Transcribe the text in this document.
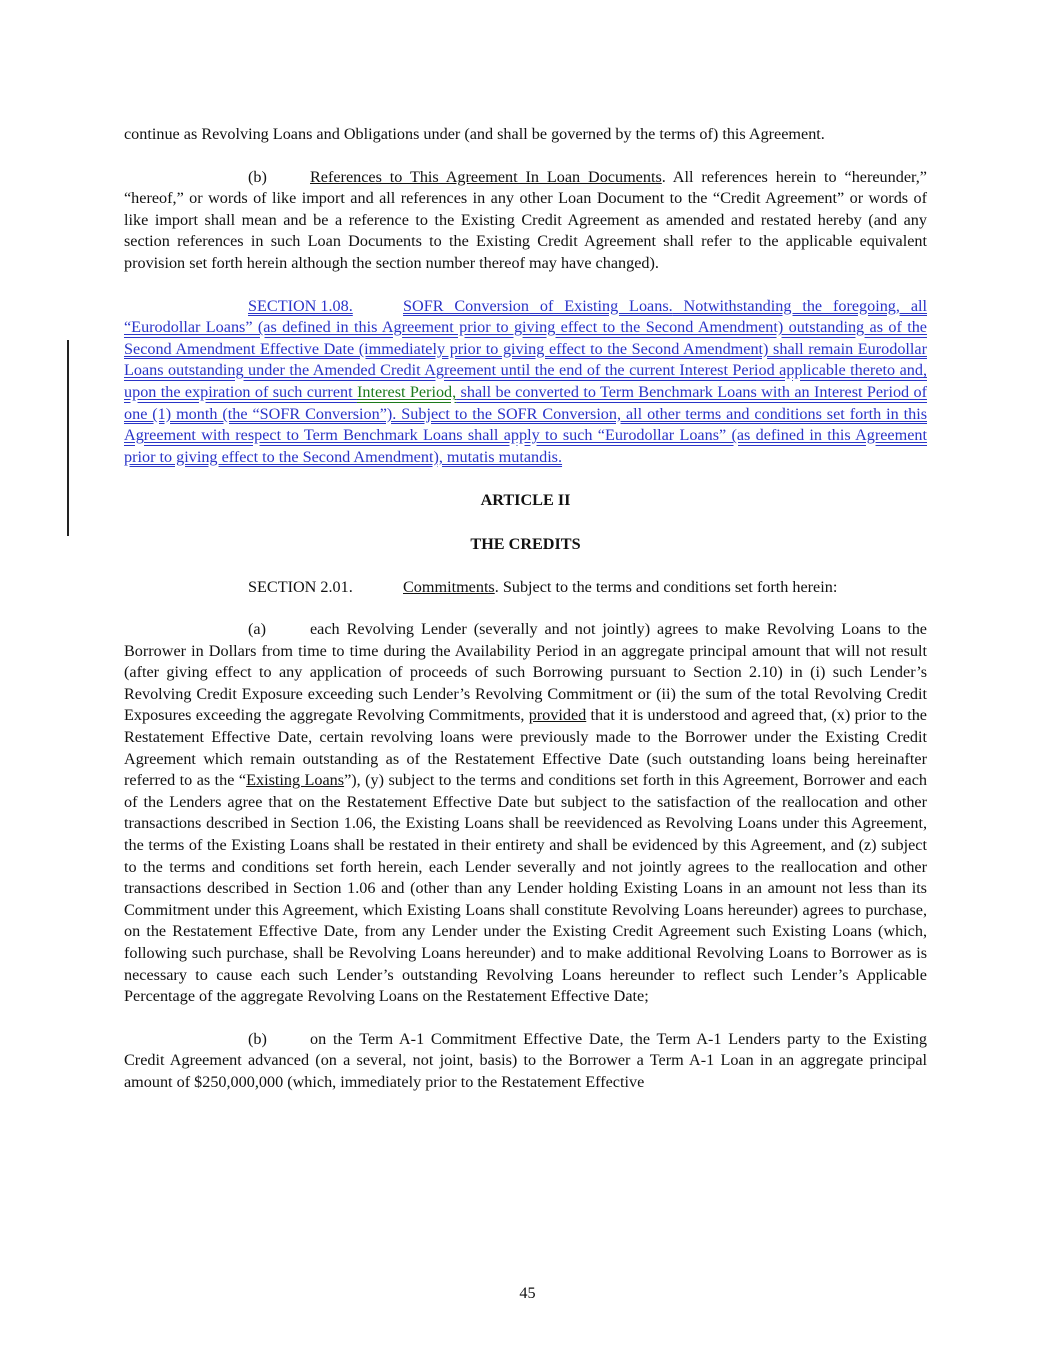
continue as Revolving Loans and Obligations under (and shall be governed by the terms of) this Agreement.

(b)	References to This Agreement In Loan Documents. All references herein to “hereunder,” “hereof,” or words of like import and all references in any other Loan Document to the “Credit Agreement” or words of like import shall mean and be a reference to the Existing Credit Agreement as amended and restated hereby (and any section references in such Loan Documents to the Existing Credit Agreement shall refer to the applicable equivalent provision set forth herein although the section number thereof may have changed).

SECTION 1.08.	SOFR Conversion of Existing Loans. Notwithstanding the foregoing, all “Eurodollar Loans” (as defined in this Agreement prior to giving effect to the Second Amendment) outstanding as of the Second Amendment Effective Date (immediately prior to giving effect to the Second Amendment) shall remain Eurodollar Loans outstanding under the Amended Credit Agreement until the end of the current Interest Period applicable thereto and, upon the expiration of such current Interest Period, shall be converted to Term Benchmark Loans with an Interest Period of one (1) month (the “SOFR Conversion”). Subject to the SOFR Conversion, all other terms and conditions set forth in this Agreement with respect to Term Benchmark Loans shall apply to such “Eurodollar Loans” (as defined in this Agreement prior to giving effect to the Second Amendment), mutatis mutandis.

ARTICLE II

THE CREDITS

SECTION 2.01.	Commitments. Subject to the terms and conditions set forth herein:

(a)	each Revolving Lender (severally and not jointly) agrees to make Revolving Loans to the Borrower in Dollars from time to time during the Availability Period in an aggregate principal amount that will not result (after giving effect to any application of proceeds of such Borrowing pursuant to Section 2.10) in (i) such Lender’s Revolving Credit Exposure exceeding such Lender’s Revolving Commitment or (ii) the sum of the total Revolving Credit Exposures exceeding the aggregate Revolving Commitments, provided that it is understood and agreed that, (x) prior to the Restatement Effective Date, certain revolving loans were previously made to the Borrower under the Existing Credit Agreement which remain outstanding as of the Restatement Effective Date (such outstanding loans being hereinafter referred to as the “Existing Loans”), (y) subject to the terms and conditions set forth in this Agreement, Borrower and each of the Lenders agree that on the Restatement Effective Date but subject to the satisfaction of the reallocation and other transactions described in Section 1.06, the Existing Loans shall be reevidenced as Revolving Loans under this Agreement, the terms of the Existing Loans shall be restated in their entirety and shall be evidenced by this Agreement, and (z) subject to the terms and conditions set forth herein, each Lender severally and not jointly agrees to the reallocation and other transactions described in Section 1.06 and (other than any Lender holding Existing Loans in an amount not less than its Commitment under this Agreement, which Existing Loans shall constitute Revolving Loans hereunder) agrees to purchase, on the Restatement Effective Date, from any Lender under the Existing Credit Agreement such Existing Loans (which, following such purchase, shall be Revolving Loans hereunder) and to make additional Revolving Loans to Borrower as is necessary to cause each such Lender’s outstanding Revolving Loans hereunder to reflect such Lender’s Applicable Percentage of the aggregate Revolving Loans on the Restatement Effective Date;

(b)	on the Term A-1 Commitment Effective Date, the Term A-1 Lenders party to the Existing Credit Agreement advanced (on a several, not joint, basis) to the Borrower a Term A-1 Loan in an aggregate principal amount of $250,000,000 (which, immediately prior to the Restatement Effective

45
